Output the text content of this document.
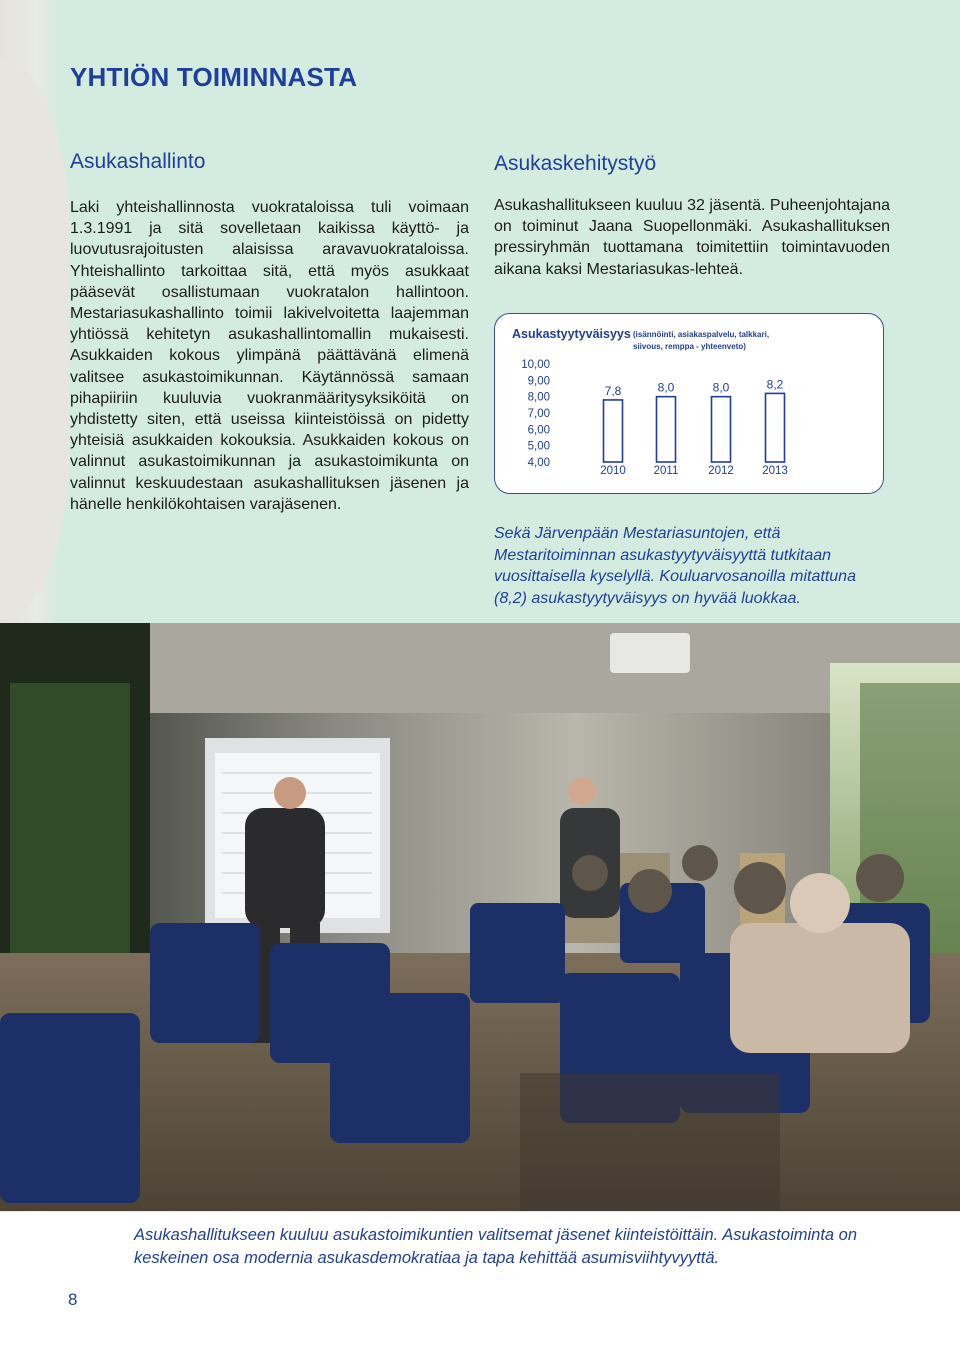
YHTIÖN TOIMINNASTA
Asukashallinto

Laki yhteishallinnosta vuokrataloissa tuli voimaan 1.3.1991 ja sitä sovelletaan kaikissa käyttö- ja luovutusrajoitusten alaisissa aravavuokrataloissa. Yhteishallinto tarkoittaa sitä, että myös asukkaat pääsevät osallistumaan vuokratalon hallintoon. Mestariasukashallinto toimii lakivelvoitetta laajemman yhtiössä kehitetyn asukashallintomallin mukaisesti. Asukkaiden kokous ylimpänä päättävänä elimenä valitsee asukastoimikunnan. Käytännössä samaan pihapiiriin kuuluvia vuokranmääritysyksiköitä on yhdistetty siten, että useissa kiinteistöissä on pidetty yhteisiä asukkaiden kokouksia. Asukkaiden kokous on valinnut asukastoimikunnan ja asukastoimikunta on valinnut keskuudestaan asukashallituksen jäsenen ja hänelle henkilökohtaisen varajäsenen.

Asukaskehitystyö

Asukashallitukseen kuuluu 32 jäsentä. Puheenjohtajana on toiminut Jaana Suopellonmäki. Asukashallituksen pressiryhmän tuottamana toimitettiin toimintavuoden aikana kaksi Mestariasukas-lehteä.

Asukastyytyväisyys (isännöinti, asiakaspalvelu, talkkari,
siivous, remppa - yhteenveto)
10,00
9,00
8,00
7,00
6,00
5,00
4,00
7,8
2010
8,0
2011
8,0
2012
8,2
2013

Sekä Järvenpään Mestariasuntojen, että Mestaritoiminnan asukastyytyväisyyttä tutkitaan vuosittaisella kyselyllä. Kouluarvosanoilla mitattuna (8,2) asukastyytyväisyys on hyvää luokkaa.

Asukashallitukseen kuuluu asukastoimikuntien valitsemat jäsenet kiinteistöittäin. Asukastoiminta on keskeinen osa modernia asukasdemokratiaa ja tapa kehittää asumisviihtyvyyttä.

8
